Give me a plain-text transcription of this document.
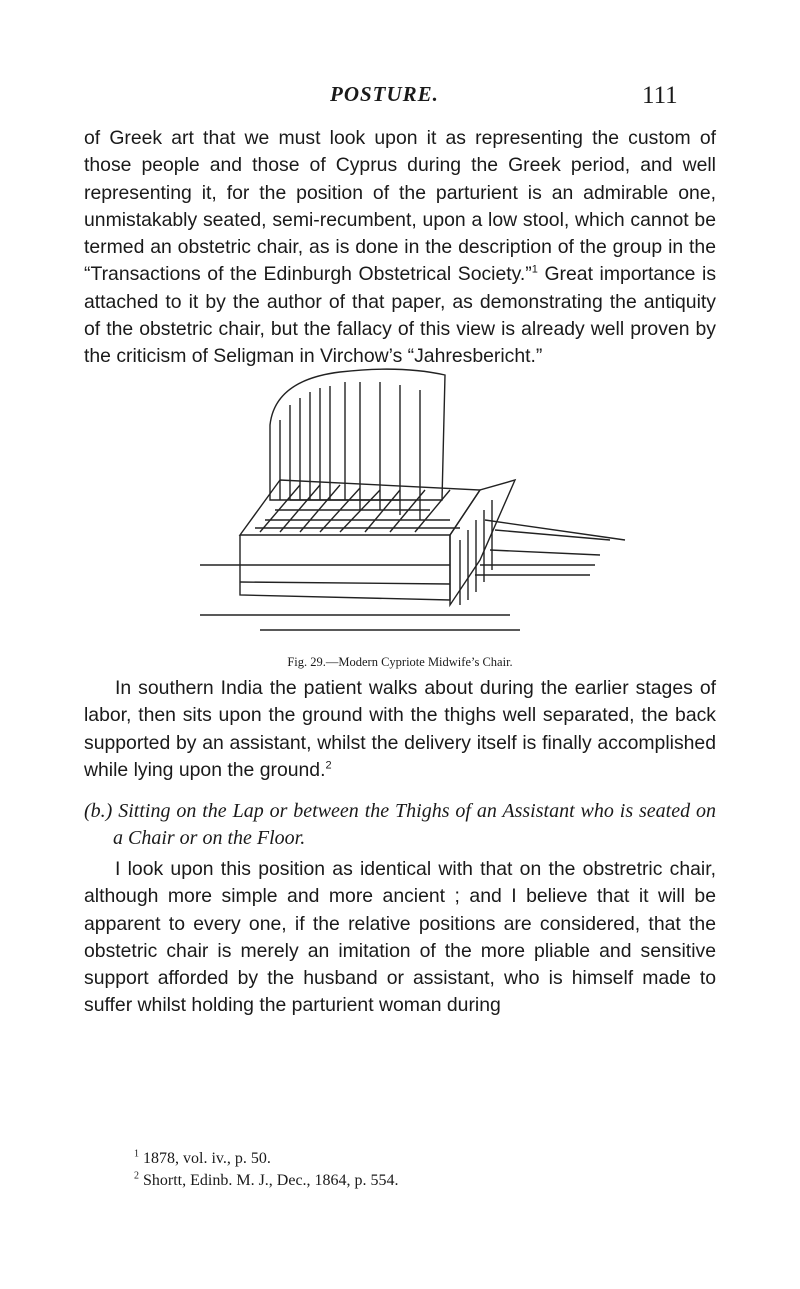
POSTURE.	111

of Greek art that we must look upon it as representing the custom of those people and those of Cyprus during the Greek period, and well representing it, for the position of the parturient is an admirable one, unmistakably seated, semi-recumbent, upon a low stool, which cannot be termed an obstetric chair, as is done in the description of the group in the “Transactions of the Edinburgh Obstetrical Society.”$^1$ Great importance is attached to it by the author of that paper, as demonstrating the antiquity of the obstetric chair, but the fallacy of this view is already well proven by the criticism of Seligman in Virchow’s “Jahresbericht.”

Fig. 29.—Modern Cypriote Midwife’s Chair.

In southern India the patient walks about during the earlier stages of labor, then sits upon the ground with the thighs well separated, the back supported by an assistant, whilst the delivery itself is finally accomplished while lying upon the ground.$^2$

(b.) Sitting on the Lap or between the Thighs of an Assistant who is seated on a Chair or on the Floor.

I look upon this position as identical with that on the obstretric chair, although more simple and more ancient ; and I believe that it will be apparent to every one, if the relative positions are considered, that the obstetric chair is merely an imitation of the more pliable and sensitive support afforded by the husband or assistant, who is himself made to suffer whilst holding the parturient woman during

$^1$ 1878, vol. iv., p. 50.
$^2$ Shortt, Edinb. M. J., Dec., 1864, p. 554.
